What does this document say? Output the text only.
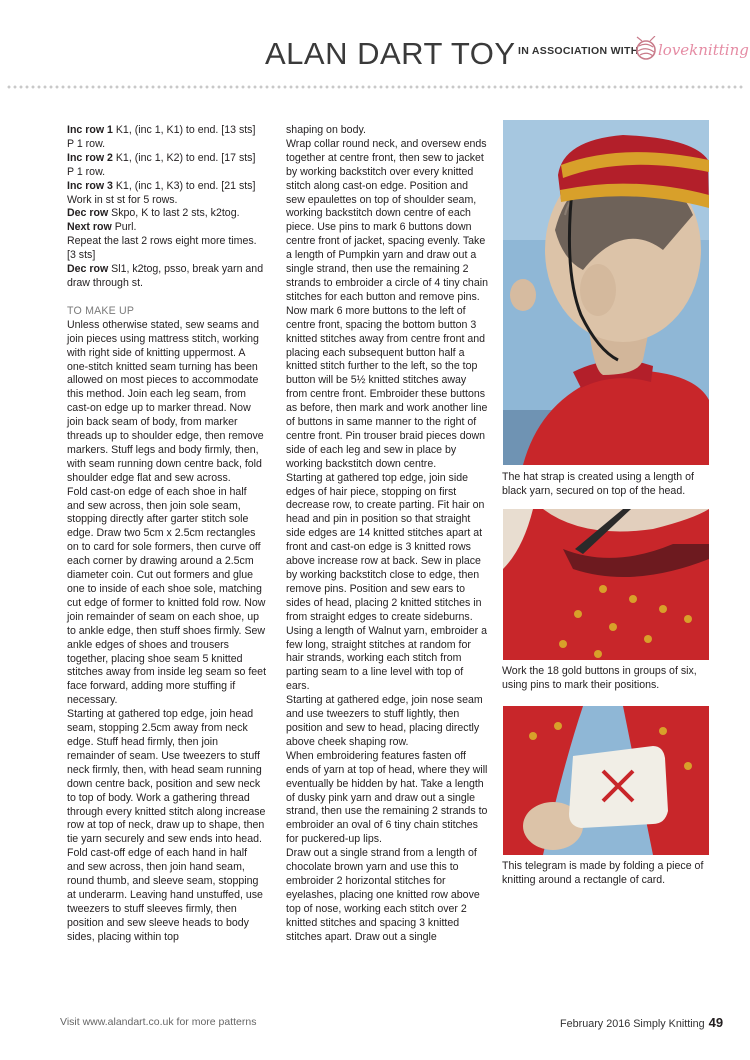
ALAN DART TOY IN ASSOCIATION WITH loveknitting

Inc row 1 K1, (inc 1, K1) to end. [13 sts]

P 1 row.

Inc row 2 K1, (inc 1, K2) to end. [17 sts]

P 1 row.

Inc row 3 K1, (inc 1, K3) to end. [21 sts]

Work in st st for 5 rows.

Dec row Skpo, K to last 2 sts, k2tog.

Next row Purl.

Repeat the last 2 rows eight more times. [3 sts]

Dec row Sl1, k2tog, psso, break yarn and draw through st.

TO MAKE UP

Unless otherwise stated, sew seams and join pieces using mattress stitch, working with right side of knitting uppermost. A one-stitch knitted seam turning has been allowed on most pieces to accommodate this method. Join each leg seam, from cast-on edge up to marker thread. Now join back seam of body, from marker threads up to shoulder edge, then remove markers. Stuff legs and body firmly, then, with seam running down centre back, fold shoulder edge flat and sew across.

Fold cast-on edge of each shoe in half and sew across, then join sole seam, stopping directly after garter stitch sole edge. Draw two 5cm x 2.5cm rectangles on to card for sole formers, then curve off each corner by drawing around a 2.5cm diameter coin. Cut out formers and glue one to inside of each shoe sole, matching cut edge of former to knitted fold row. Now join remainder of seam on each shoe, up to ankle edge, then stuff shoes firmly. Sew ankle edges of shoes and trousers together, placing shoe seam 5 knitted stitches away from inside leg seam so feet face forward, adding more stuffing if necessary.

Starting at gathered top edge, join head seam, stopping 2.5cm away from neck edge. Stuff head firmly, then join remainder of seam. Use tweezers to stuff neck firmly, then, with head seam running down centre back, position and sew neck to top of body. Work a gathering thread through every knitted stitch along increase row at top of neck, draw up to shape, then tie yarn securely and sew ends into head.

Fold cast-off edge of each hand in half and sew across, then join hand seam, round thumb, and sleeve seam, stopping at underarm. Leaving hand unstuffed, use tweezers to stuff sleeves firmly, then position and sew sleeve heads to body sides, placing within top

shaping on body.

Wrap collar round neck, and oversew ends together at centre front, then sew to jacket by working backstitch over every knitted stitch along cast-on edge. Position and sew epaulettes on top of shoulder seam, working backstitch down centre of each piece. Use pins to mark 6 buttons down centre front of jacket, spacing evenly. Take a length of Pumpkin yarn and draw out a single strand, then use the remaining 2 strands to embroider a circle of 4 tiny chain stitches for each button and remove pins. Now mark 6 more buttons to the left of centre front, spacing the bottom button 3 knitted stitches away from centre front and placing each subsequent button half a knitted stitch further to the left, so the top button will be 5½ knitted stitches away from centre front. Embroider these buttons as before, then mark and work another line of buttons in same manner to the right of centre front. Pin trouser braid pieces down side of each leg and sew in place by working backstitch down centre.

Starting at gathered top edge, join side edges of hair piece, stopping on first decrease row, to create parting. Fit hair on head and pin in position so that straight side edges are 14 knitted stitches apart at front and cast-on edge is 3 knitted rows above increase row at back. Sew in place by working backstitch close to edge, then remove pins. Position and sew ears to sides of head, placing 2 knitted stitches in from straight edges to create sideburns. Using a length of Walnut yarn, embroider a few long, straight stitches at random for hair strands, working each stitch from parting seam to a line level with top of ears.

Starting at gathered edge, join nose seam and use tweezers to stuff lightly, then position and sew to head, placing directly above cheek shaping row.

When embroidering features fasten off ends of yarn at top of head, where they will eventually be hidden by hat. Take a length of dusky pink yarn and draw out a single strand, then use the remaining 2 strands to embroider an oval of 6 tiny chain stitches for puckered-up lips.

Draw out a single strand from a length of chocolate brown yarn and use this to embroider 2 horizontal stitches for eyelashes, placing one knitted row above top of nose, working each stitch over 2 knitted stitches and spacing 3 knitted stitches apart. Draw out a single

The hat strap is created using a length of black yarn, secured on top of the head.
Work the 18 gold buttons in groups of six, using pins to mark their positions.
This telegram is made by folding a piece of knitting around a rectangle of card.
Visit www.alandart.co.uk for more patterns	February 2016 Simply Knitting 49
